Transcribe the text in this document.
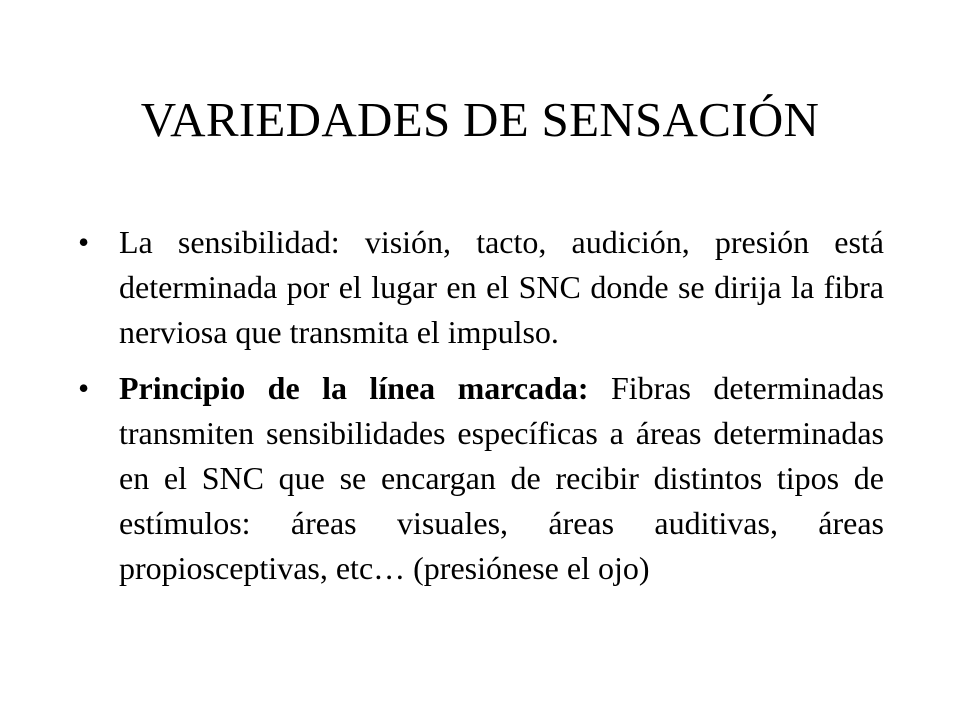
VARIEDADES DE SENSACIÓN
• La sensibilidad: visión, tacto, audición, presión está determinada por el lugar en el SNC donde se dirija la fibra nerviosa que transmita el impulso.
• Principio de la línea marcada: Fibras determinadas transmiten sensibilidades específicas a áreas determinadas en el SNC que se encargan de recibir distintos tipos de estímulos: áreas visuales, áreas auditivas, áreas propiosceptivas, etc… (presiónese el ojo)
